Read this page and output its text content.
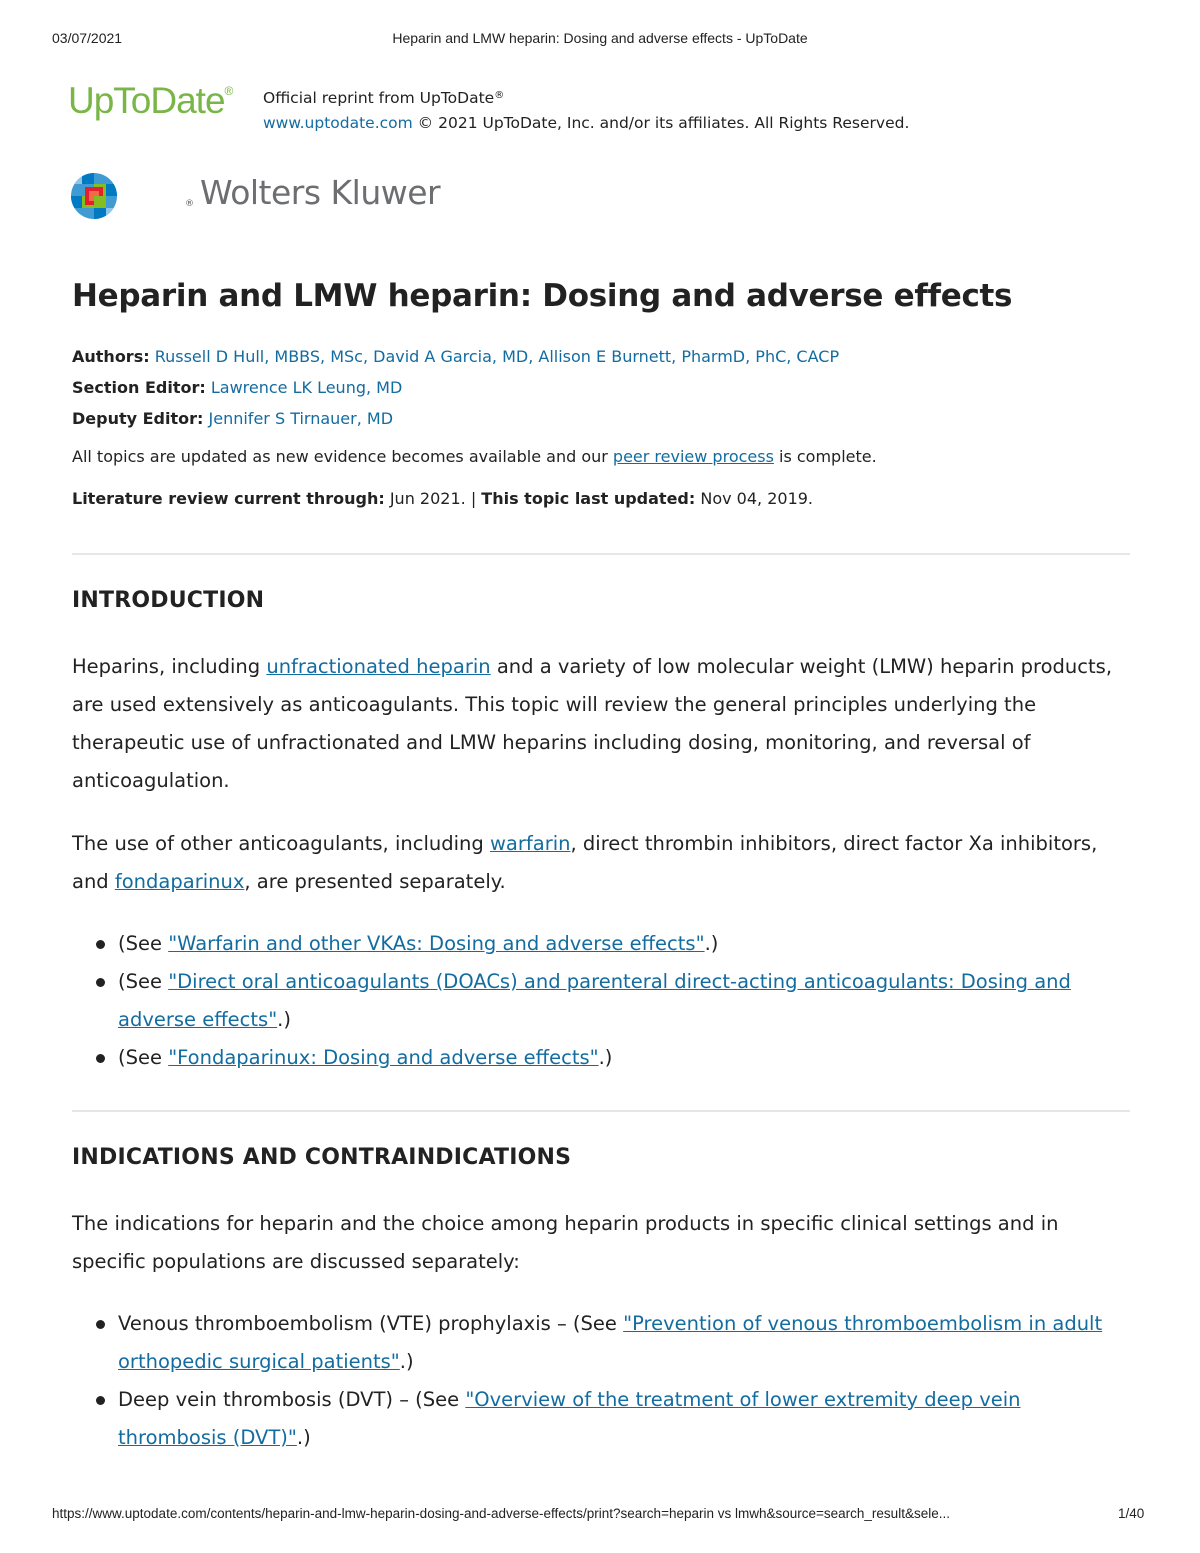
03/07/2021	Heparin and LMW heparin: Dosing and adverse effects - UpToDate
UpToDate® Official reprint from UpToDate®
www.uptodate.com © 2021 UpToDate, Inc. and/or its affiliates. All Rights Reserved.
® Wolters Kluwer
Heparin and LMW heparin: Dosing and adverse effects
Authors: Russell D Hull, MBBS, MSc, David A Garcia, MD, Allison E Burnett, PharmD, PhC, CACP
Section Editor: Lawrence LK Leung, MD
Deputy Editor: Jennifer S Tirnauer, MD
All topics are updated as new evidence becomes available and our peer review process is complete.
Literature review current through: Jun 2021. | This topic last updated: Nov 04, 2019.
INTRODUCTION

Heparins, including unfractionated heparin and a variety of low molecular weight (LMW) heparin products, are used extensively as anticoagulants. This topic will review the general principles underlying the therapeutic use of unfractionated and LMW heparins including dosing, monitoring, and reversal of anticoagulation.

The use of other anticoagulants, including warfarin, direct thrombin inhibitors, direct factor Xa inhibitors, and fondaparinux, are presented separately.

(See "Warfarin and other VKAs: Dosing and adverse effects".)
(See "Direct oral anticoagulants (DOACs) and parenteral direct-acting anticoagulants: Dosing and adverse effects".)
(See "Fondaparinux: Dosing and adverse effects".)
INDICATIONS AND CONTRAINDICATIONS

The indications for heparin and the choice among heparin products in specific clinical settings and in specific populations are discussed separately:

Venous thromboembolism (VTE) prophylaxis – (See "Prevention of venous thromboembolism in adult orthopedic surgical patients".)
Deep vein thrombosis (DVT) – (See "Overview of the treatment of lower extremity deep vein thrombosis (DVT)".)
https://www.uptodate.com/contents/heparin-and-lmw-heparin-dosing-and-adverse-effects/print?search=heparin vs lmwh&source=search_result&sele...	1/40
